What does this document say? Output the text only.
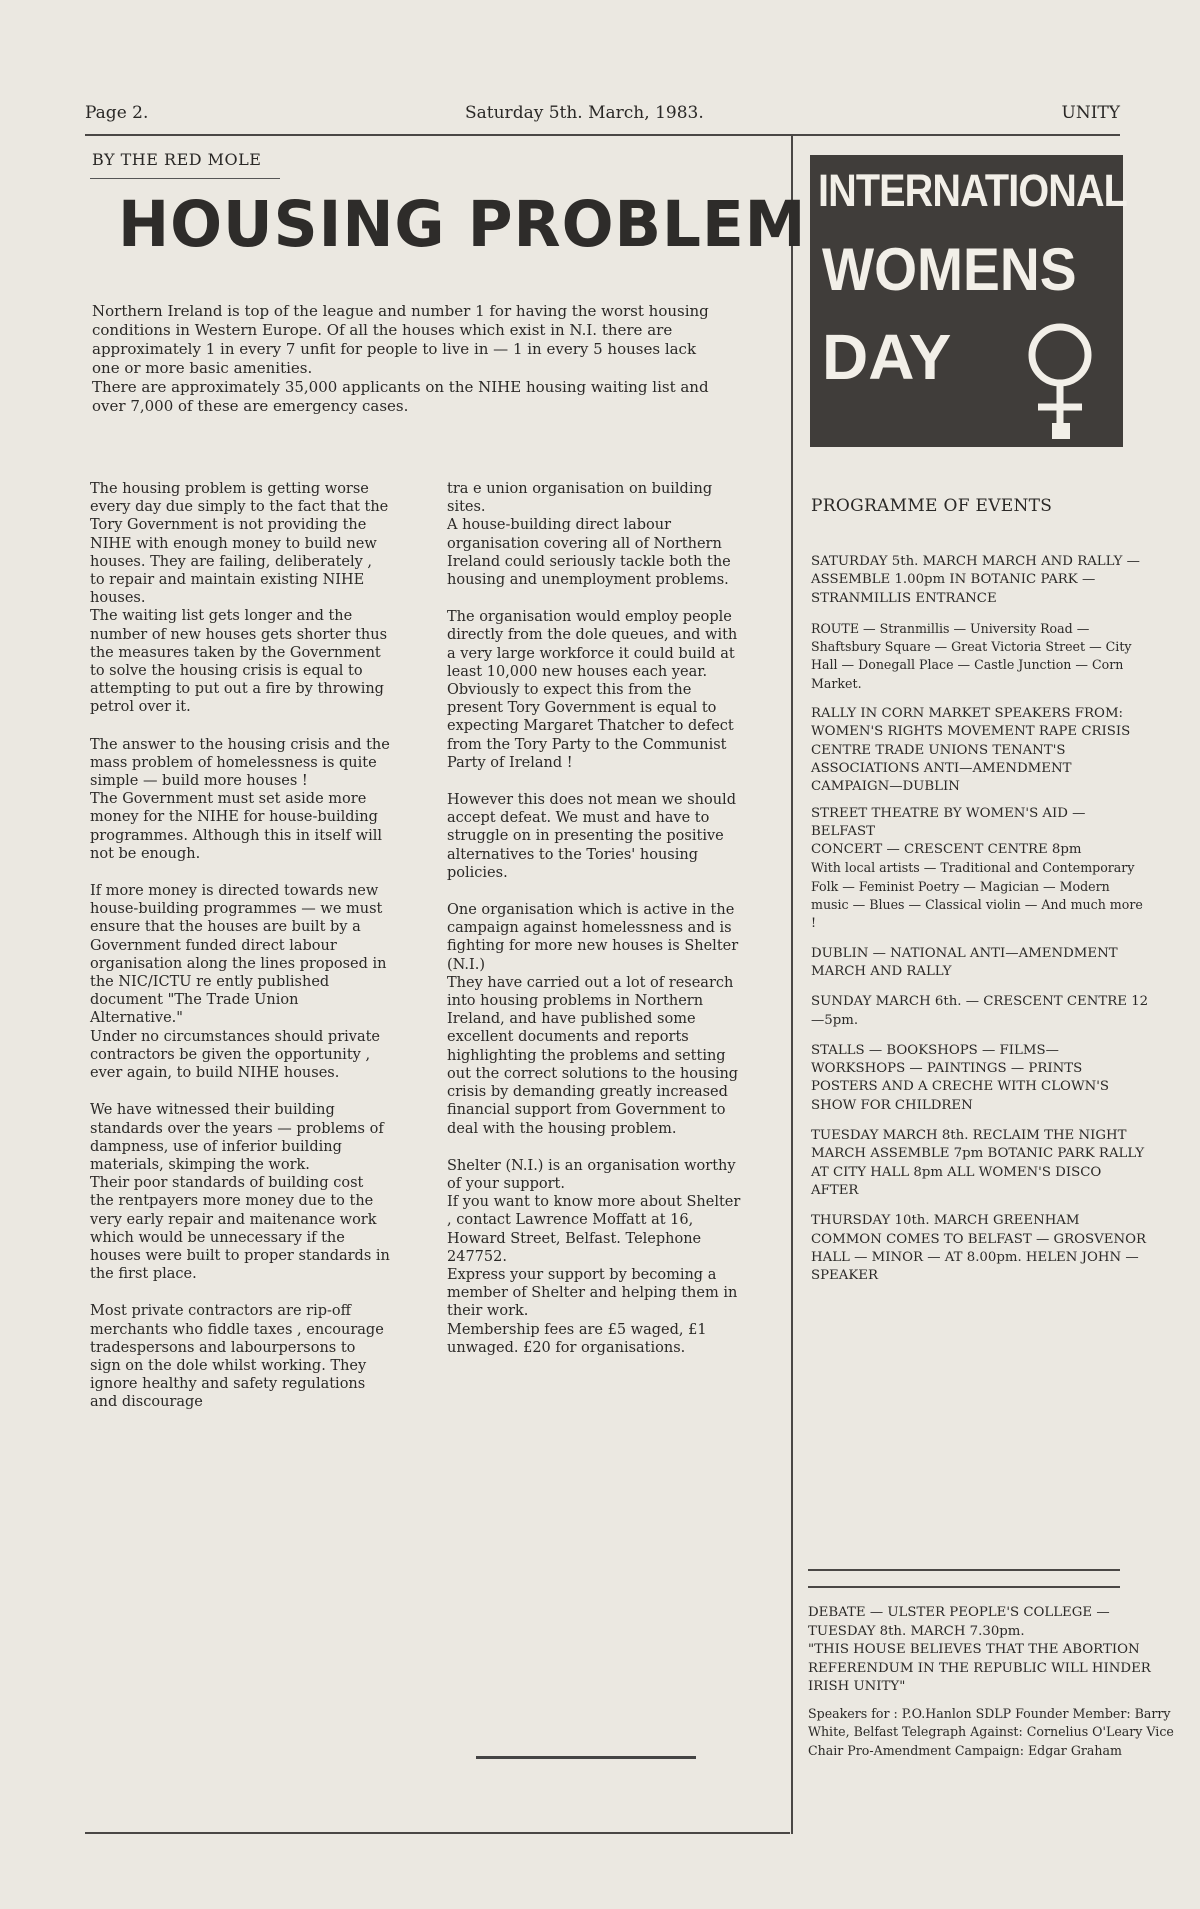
Page 2.	Saturday 5th. March, 1983.	UNITY
BY THE RED MOLE
HOUSING PROBLEM

Northern Ireland is top of the league and number 1 for having the worst housing conditions in Western Europe. Of all the houses which exist in N.I. there are approximately 1 in every 7 unfit for people to live in — 1 in every 5 houses lack one or more basic amenities.

There are approximately 35,000 applicants on the NIHE housing waiting list and over 7,000 of these are emergency cases.

The housing problem is getting worse every day due simply to the fact that the Tory Government is not providing the NIHE with enough money to build new houses. They are failing, deliberately , to repair and maintain existing NIHE houses.

The waiting list gets longer and the number of new houses gets shorter thus the measures taken by the Government to solve the housing crisis is equal to attempting to put out a fire by throwing petrol over it.

The answer to the housing crisis and the mass problem of homelessness is quite simple — build more houses !

The Government must set aside more money for the NIHE for house-building programmes. Although this in itself will not be enough.

If more money is directed towards new house-building programmes — we must ensure that the houses are built by a Government funded direct labour organisation along the lines proposed in the NIC/ICTU re ently published document "The Trade Union Alternative."

Under no circumstances should private contractors be given the opportunity , ever again, to build NIHE houses.

We have witnessed their building standards over the years — problems of dampness, use of inferior building materials, skimping the work.

Their poor standards of building cost the rentpayers more money due to the very early repair and maitenance work which would be unnecessary if the houses were built to proper standards in the first place.

Most private contractors are rip-off merchants who fiddle taxes , encourage tradespersons and labourpersons to sign on the dole whilst working. They ignore healthy and safety regulations and discourage

tra e union organisation on building sites.

A house-building direct labour organisation covering all of Northern Ireland could seriously tackle both the housing and unemployment problems.

The organisation would employ people directly from the dole queues, and with a very large workforce it could build at least 10,000 new houses each year.

Obviously to expect this from the present Tory Government is equal to expecting Margaret Thatcher to defect from the Tory Party to the Communist Party of Ireland !

However this does not mean we should accept defeat. We must and have to struggle on in presenting the positive alternatives to the Tories' housing policies.

One organisation which is active in the campaign against homelessness and is fighting for more new houses is Shelter (N.I.)

They have carried out a lot of research into housing problems in Northern Ireland, and have published some excellent documents and reports highlighting the problems and setting out the correct solutions to the housing crisis by demanding greatly increased financial support from Government to deal with the housing problem.

Shelter (N.I.) is an organisation worthy of your support.

If you want to know more about Shelter , contact Lawrence Moffatt at 16, Howard Street, Belfast. Telephone 247752.

Express your support by becoming a member of Shelter and helping them in their work.

Membership fees are £5 waged, £1 unwaged. £20 for organisations.

INTERNATIONAL
WOMENS
DAY
PROGRAMME OF EVENTS

SATURDAY 5th. MARCH MARCH AND RALLY — ASSEMBLE 1.00pm IN BOTANIC PARK — STRANMILLIS ENTRANCE

ROUTE — Stranmillis — University Road — Shaftsbury Square — Great Victoria Street — City Hall — Donegall Place — Castle Junction — Corn Market.

RALLY IN CORN MARKET SPEAKERS FROM: WOMEN'S RIGHTS MOVEMENT RAPE CRISIS CENTRE TRADE UNIONS TENANT'S ASSOCIATIONS ANTI—AMENDMENT CAMPAIGN—DUBLIN

STREET THEATRE BY WOMEN'S AID — BELFAST

CONCERT — CRESCENT CENTRE 8pm

With local artists — Traditional and Contemporary Folk — Feminist Poetry — Magician — Modern music — Blues — Classical violin — And much more !

DUBLIN — NATIONAL ANTI—AMENDMENT MARCH AND RALLY

SUNDAY MARCH 6th. — CRESCENT CENTRE 12—5pm.

STALLS — BOOKSHOPS — FILMS— WORKSHOPS — PAINTINGS — PRINTS POSTERS AND A CRECHE WITH CLOWN'S SHOW FOR CHILDREN

TUESDAY MARCH 8th. RECLAIM THE NIGHT MARCH ASSEMBLE 7pm BOTANIC PARK RALLY AT CITY HALL 8pm ALL WOMEN'S DISCO AFTER

THURSDAY 10th. MARCH GREENHAM COMMON COMES TO BELFAST — GROSVENOR HALL — MINOR — AT 8.00pm. HELEN JOHN — SPEAKER

DEBATE — ULSTER PEOPLE'S COLLEGE — TUESDAY 8th. MARCH 7.30pm.

"THIS HOUSE BELIEVES THAT THE ABORTION REFERENDUM IN THE REPUBLIC WILL HINDER IRISH UNITY"

Speakers for : P.O.Hanlon SDLP Founder Member: Barry White, Belfast Telegraph Against: Cornelius O'Leary Vice Chair Pro-Amendment Campaign: Edgar Graham
